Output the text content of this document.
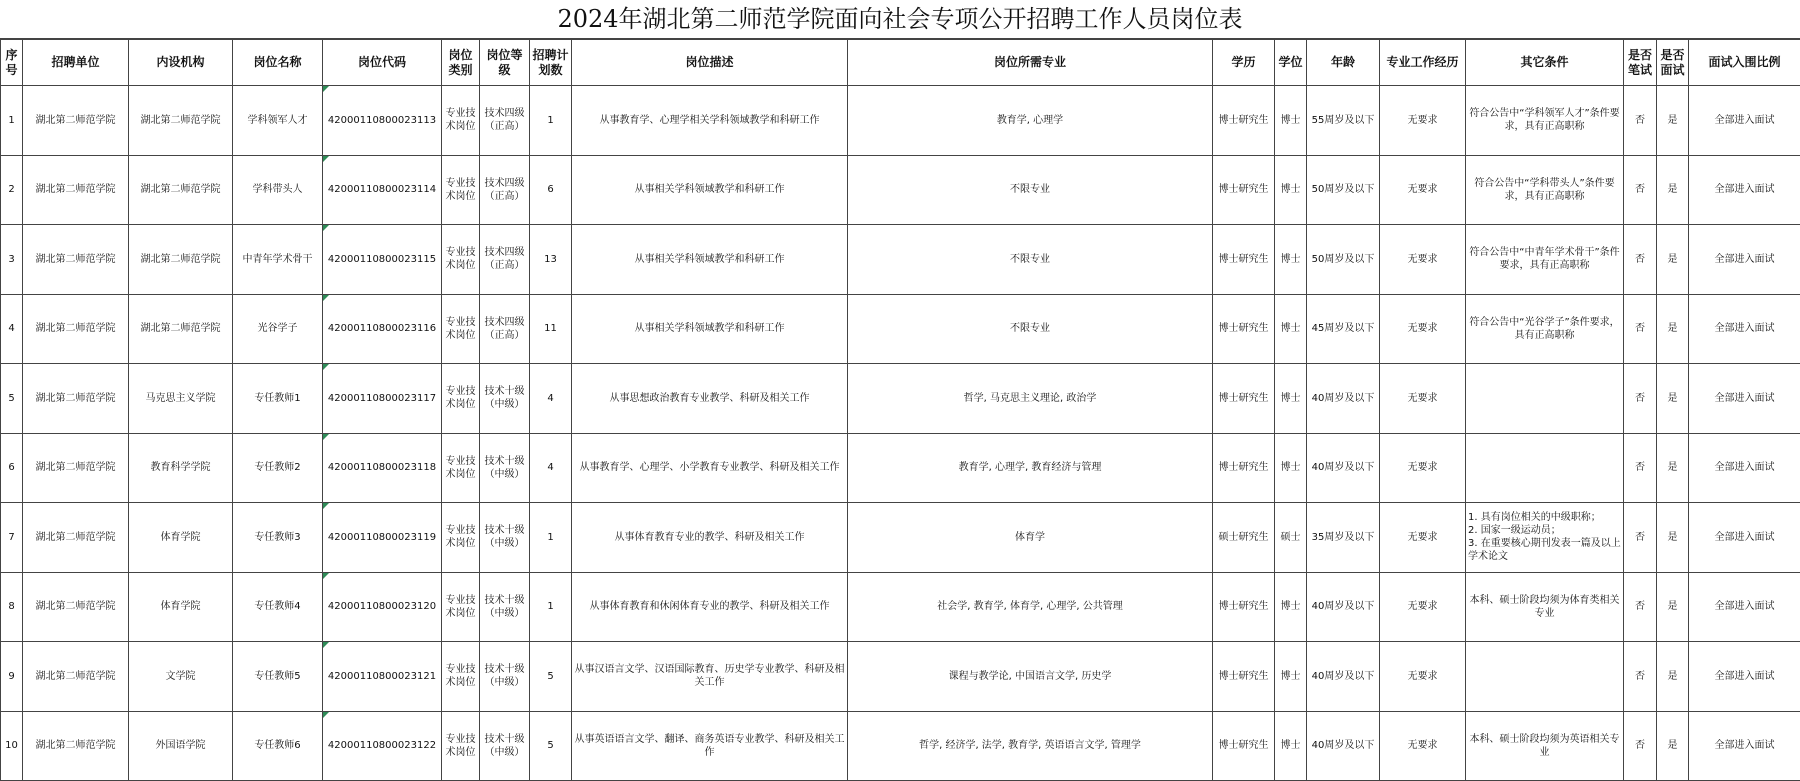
2024年湖北第二师范学院面向社会专项公开招聘工作人员岗位表
序号	招聘单位	内设机构	岗位名称	岗位代码	岗位类别	岗位等级	招聘计划数	岗位描述	岗位所需专业	学历	学位	年龄	专业工作经历	其它条件	是否笔试	是否面试	面试入围比例
1	湖北第二师范学院	湖北第二师范学院	学科领军人才	42000110800023113	专业技术岗位	技术四级（正高）	1	从事教育学、心理学相关学科领域教学和科研工作	教育学, 心理学	博士研究生	博士	55周岁及以下	无要求	符合公告中“学科领军人才”条件要求，具有正高职称	否	是	全部进入面试
2	湖北第二师范学院	湖北第二师范学院	学科带头人	42000110800023114	专业技术岗位	技术四级（正高）	6	从事相关学科领域教学和科研工作	不限专业	博士研究生	博士	50周岁及以下	无要求	符合公告中“学科带头人”条件要求，具有正高职称	否	是	全部进入面试
3	湖北第二师范学院	湖北第二师范学院	中青年学术骨干	42000110800023115	专业技术岗位	技术四级（正高）	13	从事相关学科领域教学和科研工作	不限专业	博士研究生	博士	50周岁及以下	无要求	符合公告中“中青年学术骨干”条件要求，具有正高职称	否	是	全部进入面试
4	湖北第二师范学院	湖北第二师范学院	光谷学子	42000110800023116	专业技术岗位	技术四级（正高）	11	从事相关学科领域教学和科研工作	不限专业	博士研究生	博士	45周岁及以下	无要求	符合公告中“光谷学子”条件要求，具有正高职称	否	是	全部进入面试
5	湖北第二师范学院	马克思主义学院	专任教师1	42000110800023117	专业技术岗位	技术十级（中级）	4	从事思想政治教育专业教学、科研及相关工作	哲学, 马克思主义理论, 政治学	博士研究生	博士	40周岁及以下	无要求		否	是	全部进入面试
6	湖北第二师范学院	教育科学学院	专任教师2	42000110800023118	专业技术岗位	技术十级（中级）	4	从事教育学、心理学、小学教育专业教学、科研及相关工作	教育学, 心理学, 教育经济与管理	博士研究生	博士	40周岁及以下	无要求		否	是	全部进入面试
7	湖北第二师范学院	体育学院	专任教师3	42000110800023119	专业技术岗位	技术十级（中级）	1	从事体育教育专业的教学、科研及相关工作	体育学	硕士研究生	硕士	35周岁及以下	无要求	1. 具有岗位相关的中级职称；
2. 国家一级运动员；
3. 在重要核心期刊发表一篇及以上学术论文	否	是	全部进入面试
8	湖北第二师范学院	体育学院	专任教师4	42000110800023120	专业技术岗位	技术十级（中级）	1	从事体育教育和休闲体育专业的教学、科研及相关工作	社会学, 教育学, 体育学, 心理学, 公共管理	博士研究生	博士	40周岁及以下	无要求	本科、硕士阶段均须为体育类相关专业	否	是	全部进入面试
9	湖北第二师范学院	文学院	专任教师5	42000110800023121	专业技术岗位	技术十级（中级）	5	从事汉语言文学、汉语国际教育、历史学专业教学、科研及相关工作	课程与教学论, 中国语言文学, 历史学	博士研究生	博士	40周岁及以下	无要求		否	是	全部进入面试
10	湖北第二师范学院	外国语学院	专任教师6	42000110800023122	专业技术岗位	技术十级（中级）	5	从事英语语言文学、翻译、商务英语专业教学、科研及相关工作	哲学, 经济学, 法学, 教育学, 英语语言文学, 管理学	博士研究生	博士	40周岁及以下	无要求	本科、硕士阶段均须为英语相关专业	否	是	全部进入面试
